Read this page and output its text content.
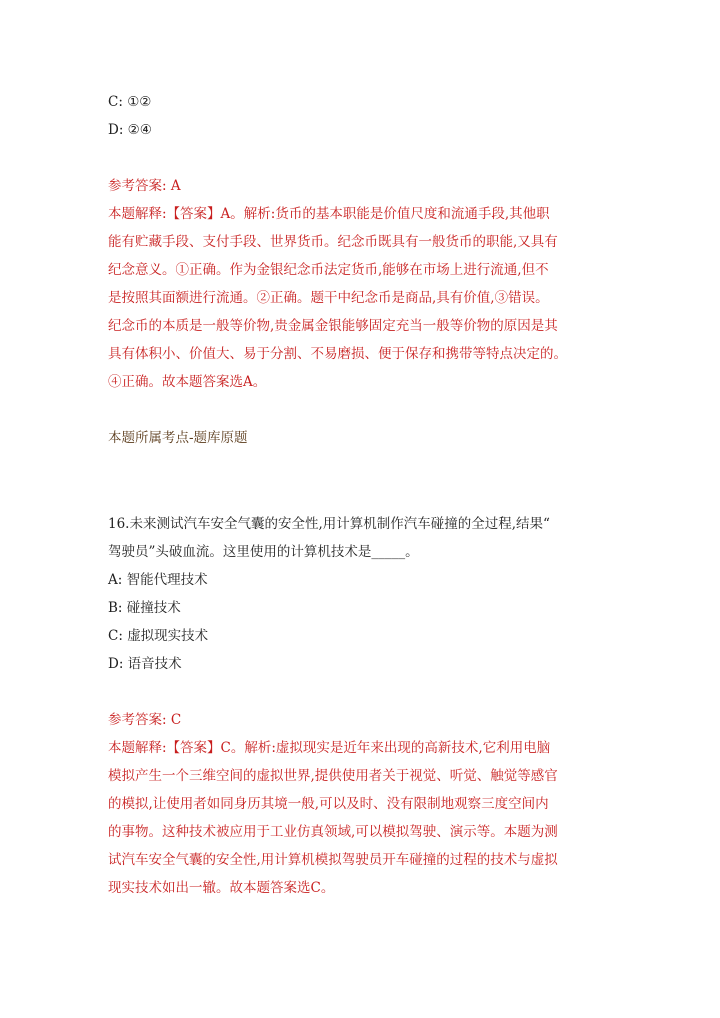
C: ①②
D: ②④
参考答案: A
本题解释:【答案】A。解析:货币的基本职能是价值尺度和流通手段,其他职
能有贮藏手段、支付手段、世界货币。纪念币既具有一般货币的职能,又具有
纪念意义。①正确。作为金银纪念币法定货币,能够在市场上进行流通,但不
是按照其面额进行流通。②正确。题干中纪念币是商品,具有价值,③错误。
纪念币的本质是一般等价物,贵金属金银能够固定充当一般等价物的原因是其
具有体积小、价值大、易于分割、不易磨损、便于保存和携带等特点决定的。
④正确。故本题答案选A。
本题所属考点-题库原题
16.未来测试汽车安全气囊的安全性,用计算机制作汽车碰撞的全过程,结果“
驾驶员”头破血流。这里使用的计算机技术是_____。
A: 智能代理技术
B: 碰撞技术
C: 虚拟现实技术
D: 语音技术
参考答案: C
本题解释:【答案】C。解析:虚拟现实是近年来出现的高新技术,它利用电脑
模拟产生一个三维空间的虚拟世界,提供使用者关于视觉、听觉、触觉等感官
的模拟,让使用者如同身历其境一般,可以及时、没有限制地观察三度空间内
的事物。这种技术被应用于工业仿真领域,可以模拟驾驶、演示等。本题为测
试汽车安全气囊的安全性,用计算机模拟驾驶员开车碰撞的过程的技术与虚拟
现实技术如出一辙。故本题答案选C。
